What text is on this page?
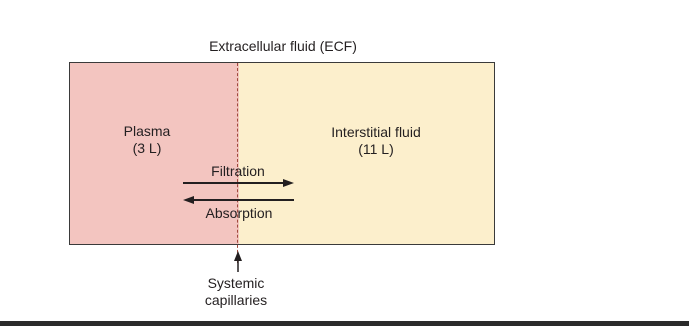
Extracellular fluid (ECF)
Plasma
(3 L)
Interstitial fluid
(11 L)
Filtration
Absorption
Systemic
capillaries
